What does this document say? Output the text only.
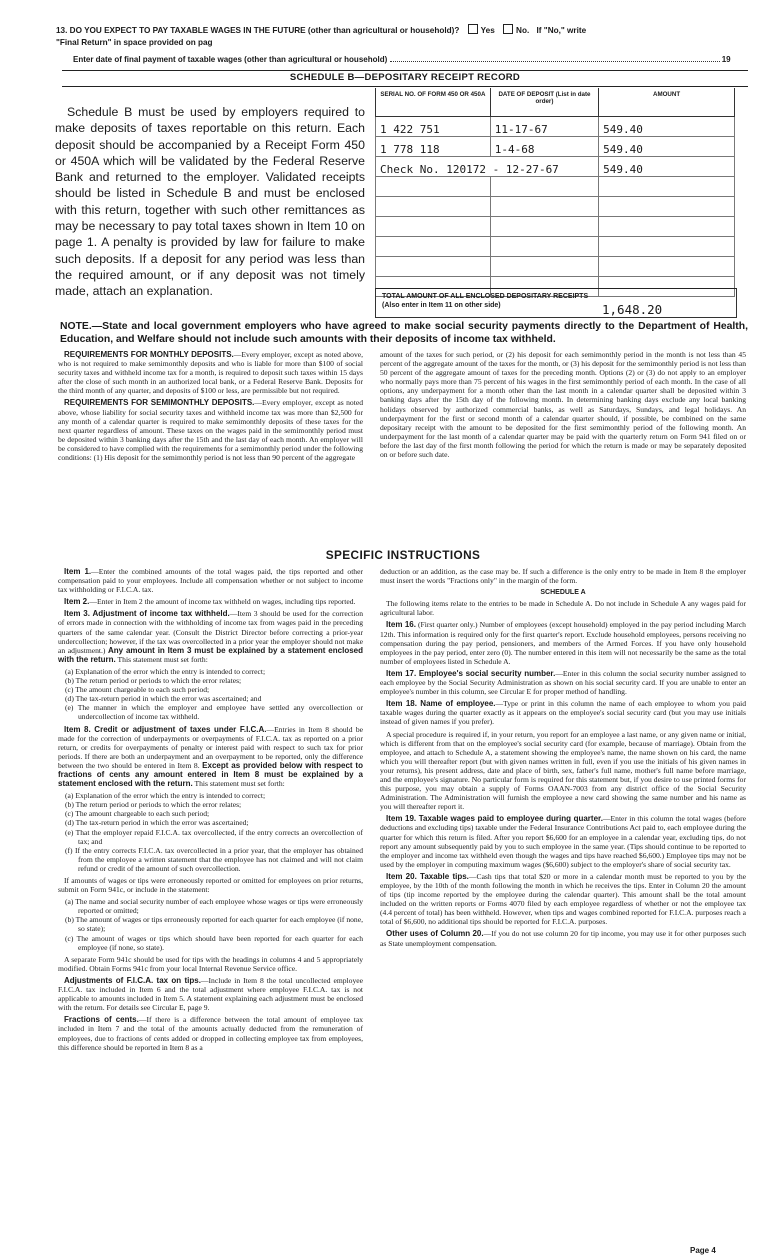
13. DO YOU EXPECT TO PAY TAXABLE WAGES IN THE FUTURE (other than agricultural or household)?	Yes	No. If "No," write
"Final Return" in space provided on pag
Enter date of final payment of taxable wages (other than agricultural or household)	19
SCHEDULE B—DEPOSITARY RECEIPT RECORD

Schedule B must be used by employers required to make deposits of taxes reportable on this return. Each deposit should be accompanied by a Receipt Form 450 or 450A which will be validated by the Federal Reserve Bank and returned to the employer. Validated receipts should be listed in Schedule B and must be enclosed with this return, together with such other remittances as may be necessary to pay total taxes shown in Item 10 on page 1. A penalty is provided by law for failure to make such deposits. If a deposit for any period was less than the required amount, or if any deposit was not timely made, attach an explanation.

SERIAL NO. OF FORM 450 OR 450A	DATE OF DEPOSIT (List in date order)	AMOUNT
1 422 751	11-17-67	549.40
1 778 118	1-4-68	549.40
Check No. 120172 - 12-27-67		549.40

TOTAL AMOUNT OF ALL ENCLOSED DEPOSITARY RECEIPTS (Also enter in Item 11 on other side)	1,648.20
NOTE.—State and local government employers who have agreed to make social security payments directly to the Department of Health, Education, and Welfare should not include such amounts with their deposits of income tax withheld.

REQUIREMENTS FOR MONTHLY DEPOSITS.—Every employer, except as noted above, who is not required to make semimonthly deposits and who is liable for more than $100 of social security taxes and withheld income tax for a month, is required to deposit such taxes within 15 days after the close of such month in an authorized local bank, or a Federal Reserve Bank. Deposits for the third month of any quarter, and deposits of $100 or less, are permissible but not required.

REQUIREMENTS FOR SEMIMONTHLY DEPOSITS.—Every employer, except as noted above, whose liability for social security taxes and withheld income tax was more than $2,500 for any month of a calendar quarter is required to make semimonthly deposits of these taxes for the next quarter regardless of amount. These taxes on the wages paid in the semimonthly period must be deposited within 3 banking days after the 15th and the last day of each month. An employer will be considered to have complied with the requirements for a semimonthly period under the following conditions: (1) His deposit for the semimonthly period is not less than 90 percent of the aggregate

amount of the taxes for such period, or (2) his deposit for each semimonthly period in the month is not less than 45 percent of the aggregate amount of the taxes for the month, or (3) his deposit for the semimonthly period is not less than 50 percent of the aggregate amount of taxes for the preceding month. Options (2) or (3) do not apply to an employer who normally pays more than 75 percent of his wages in the first semimonthly period of each month. In the case of all options, any underpayment for a month other than the last month in a calendar quarter shall be deposited within 3 banking days after the 15th day of the following month. In determining banking days exclude any local banking holidays observed by authorized commercial banks, as well as Saturdays, Sundays, and legal holidays. An underpayment for the first or second month of a calendar quarter should, if possible, be combined on the same depositary receipt with the amount to be deposited for the first semimonthly period of the following month. An underpayment for the last month of a calendar quarter may be paid with the quarterly return on Form 941 filed on or before the last day of the first month following the period for which the return is made or may be separately deposited on or before such date.

SPECIFIC INSTRUCTIONS

Item 1.—Enter the combined amounts of the total wages paid, the tips reported and other compensation paid to your employees. Include all compensation whether or not subject to income tax withholding or F.I.C.A. tax.

Item 2.—Enter in Item 2 the amount of income tax withheld on wages, including tips reported.

Item 3. Adjustment of income tax withheld.—Item 3 should be used for the correction of errors made in connection with the withholding of income tax from wages paid in the preceding quarters of the same calendar year. (Consult the District Director before correcting a prior-year undercollection; however, if the tax was overcollected in a prior year the employer should not make an adjustment.) Any amount in Item 3 must be explained by a statement enclosed with the return. This statement must set forth:

(a) Explanation of the error which the entry is intended to correct;
(b) The return period or periods to which the error relates;
(c) The amount chargeable to each such period;
(d) The tax-return period in which the error was ascertained; and
(e) The manner in which the employer and employee have settled any overcollection or undercollection of income tax withheld.

Item 8. Credit or adjustment of taxes under F.I.C.A.—Entries in Item 8 should be made for the correction of underpayments or overpayments of F.I.C.A. tax as reported on a prior return, or credits for overpayments of penalty or interest paid with respect to such tax for prior periods. If there are both an underpayment and an overpayment to be reported, only the difference between the two should be entered in Item 8. Except as provided below with respect to fractions of cents any amount entered in Item 8 must be explained by a statement enclosed with the return. This statement must set forth:

(a) Explanation of the error which the entry is intended to correct;
(b) The return period or periods to which the error relates;
(c) The amount chargeable to each such period;
(d) The tax-return period in which the error was ascertained;
(e) That the employer repaid F.I.C.A. tax overcollected, if the entry corrects an overcollection of tax; and
(f) If the entry corrects F.I.C.A. tax overcollected in a prior year, that the employer has obtained from the employee a written statement that the employee has not claimed and will not claim refund or credit of the amount of such overcollection.

If amounts of wages or tips were erroneously reported or omitted for employees on prior returns, submit on Form 941c, or include in the statement:

(a) The name and social security number of each employee whose wages or tips were erroneously reported or omitted;
(b) The amount of wages or tips erroneously reported for each quarter for each employee (if none, so state);
(c) The amount of wages or tips which should have been reported for each quarter for each employee (if none, so state).

A separate Form 941c should be used for tips with the headings in columns 4 and 5 appropriately modified. Obtain Forms 941c from your local Internal Revenue Service office.

Adjustments of F.I.C.A. tax on tips.—Include in Item 8 the total uncollected employee F.I.C.A. tax included in Item 6 and the total adjustment where employee F.I.C.A. tax is not applicable to amounts included in Item 5. A statement explaining each adjustment must be enclosed with the return. For details see Circular E, page 9.

Fractions of cents.—If there is a difference between the total amount of employee tax included in Item 7 and the total of the amounts actually deducted from the remuneration of employees, due to fractions of cents added or dropped in collecting employee tax from employees, this difference should be reported in Item 8 as a

deduction or an addition, as the case may be. If such a difference is the only entry to be made in Item 8 the employer must insert the words "Fractions only" in the margin of the form.

SCHEDULE A

The following items relate to the entries to be made in Schedule A. Do not include in Schedule A any wages paid for agricultural labor.

Item 16. (First quarter only.) Number of employees (except household) employed in the pay period including March 12th. This information is required only for the first quarter's report. Exclude household employees, persons receiving no compensation during the pay period, pensioners, and members of the Armed Forces. If you have only household employees in the pay period, enter zero (0). The number entered in this item will not necessarily be the same as the total number of employees listed in Schedule A.

Item 17. Employee's social security number.—Enter in this column the social security number assigned to each employee by the Social Security Administration as shown on his social security card. If you are unable to enter an employee's number in this column, see Circular E for proper method of handling.

Item 18. Name of employee.—Type or print in this column the name of each employee to whom you paid taxable wages during the quarter exactly as it appears on the employee's social security card (but you may use initials instead of given names if you prefer).

A special procedure is required if, in your return, you report for an employee a last name, or any given name or initial, which is different from that on the employee's social security card (for example, because of marriage). Obtain from the employee, and attach to Schedule A, a statement showing the employee's name, the name shown on his card, the name which you will thereafter report (but with given names written in full, even if you use the initials of his given names in your returns), his present address, date and place of birth, sex, father's full name, mother's full name before marriage, and the employee's signature. No particular form is required for this statement but, if you desire to use printed forms for this purpose, you may obtain a supply of Forms OAAN-7003 from any district office of the Social Security Administration. The Administration will furnish the employee a new card showing the same number and his name as you will thereafter report it.

Item 19. Taxable wages paid to employee during quarter.—Enter in this column the total wages (before deductions and excluding tips) taxable under the Federal Insurance Contributions Act paid to, each employee during the quarter for which this return is filed. After you report $6,600 for an employee in a calendar year, excluding tips, do not report any amount subsequently paid by you to such employee in the same year. (Tips should continue to be reported to the employer and income tax withheld even though the wages and tips have reached $6,600.) Employee tips may not be used by the employer in computing maximum wages ($6,600) subject to the employer's share of social security tax.

Item 20. Taxable tips.—Cash tips that total $20 or more in a calendar month must be reported to you by the employee, by the 10th of the month following the month in which he receives the tips. Enter in Column 20 the amount of tips (tip income reported by the employee during the calendar quarter). This amount shall be the total amount included on the written reports or Forms 4070 filed by each employee regardless of whether or not the employee tax (4.4 percent of total) has been withheld. However, when tips and wages combined reported for F.I.C.A. purposes reach a total of $6,600, no additional tips should be reported for F.I.C.A. purposes.

Other uses of Column 20.—If you do not use column 20 for tip income, you may use it for other purposes such as State unemployment compensation.

Page 4
